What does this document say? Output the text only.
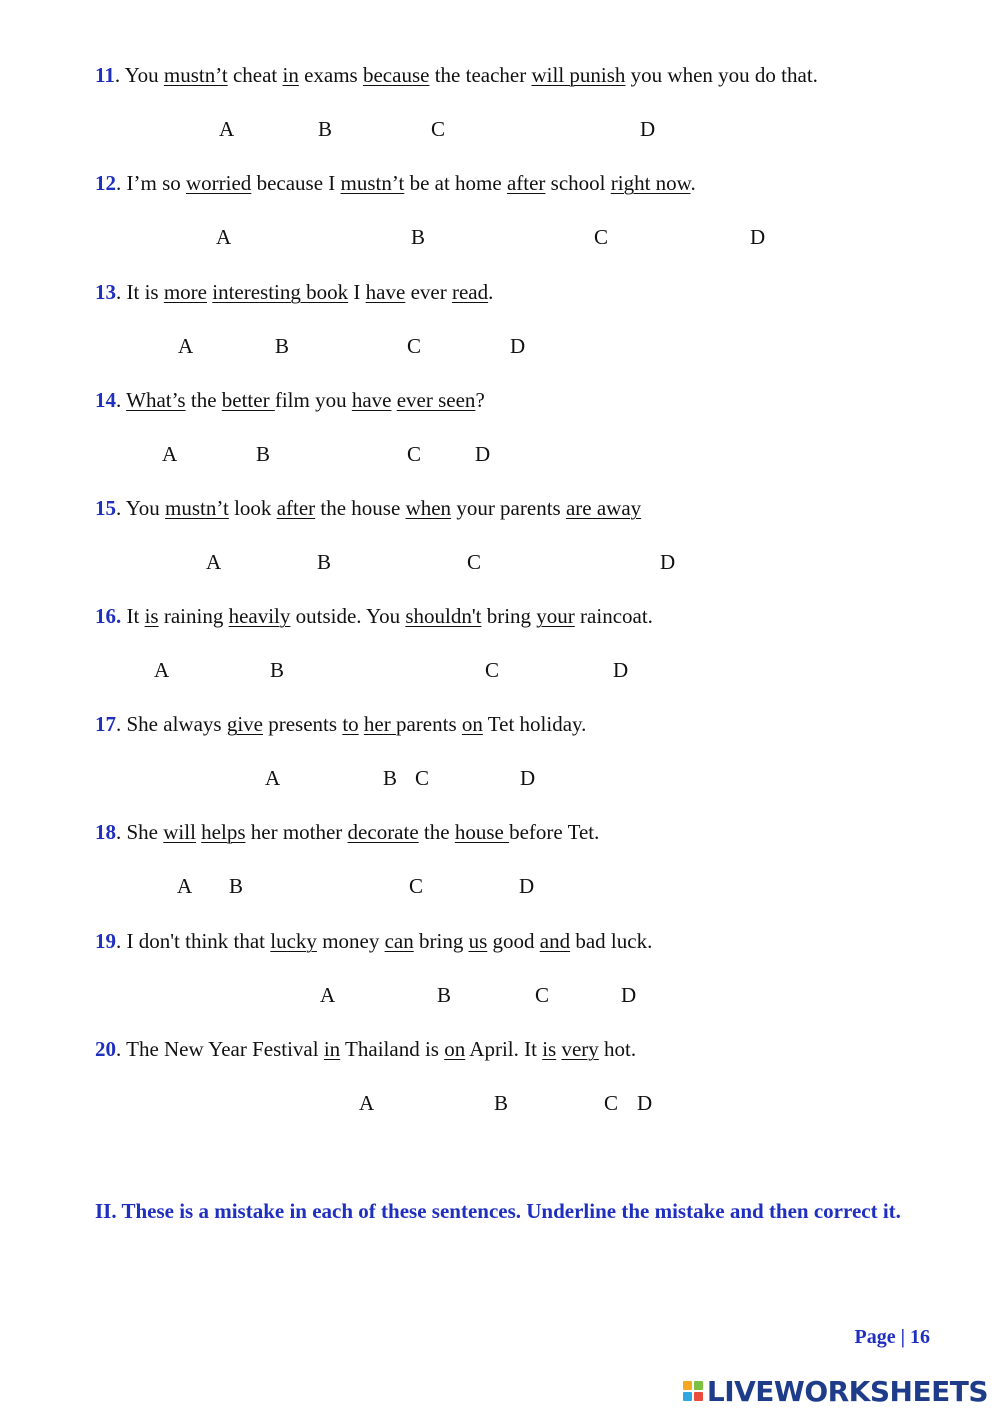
11. You mustn’t cheat in exams because the teacher will punish you when you do that.

A	B	C	D

12. I’m so worried because I mustn’t be at home after school right now.

A	B	C	D

13. It is more interesting book I have ever read.

A	B	C	D

14. What’s the better film you have ever seen?

A	B	C	D

15. You mustn’t look after the house when your parents are away

A	B	C	D

16. It is raining heavily outside. You shouldn't bring your raincoat.

A	B	C	D

17. She always give presents to her parents on Tet holiday.

A	B C	D

18. She will helps her mother decorate the house before Tet.

A B	C	D

19. I don't think that lucky money can bring us good and bad luck.

A	B	C	D

20. The New Year Festival in Thailand is on April. It is very hot.

A	B	C D

II. These is a mistake in each of these sentences. Underline the mistake and then correct it.

Page | 16
LIVEWORKSHEETS
